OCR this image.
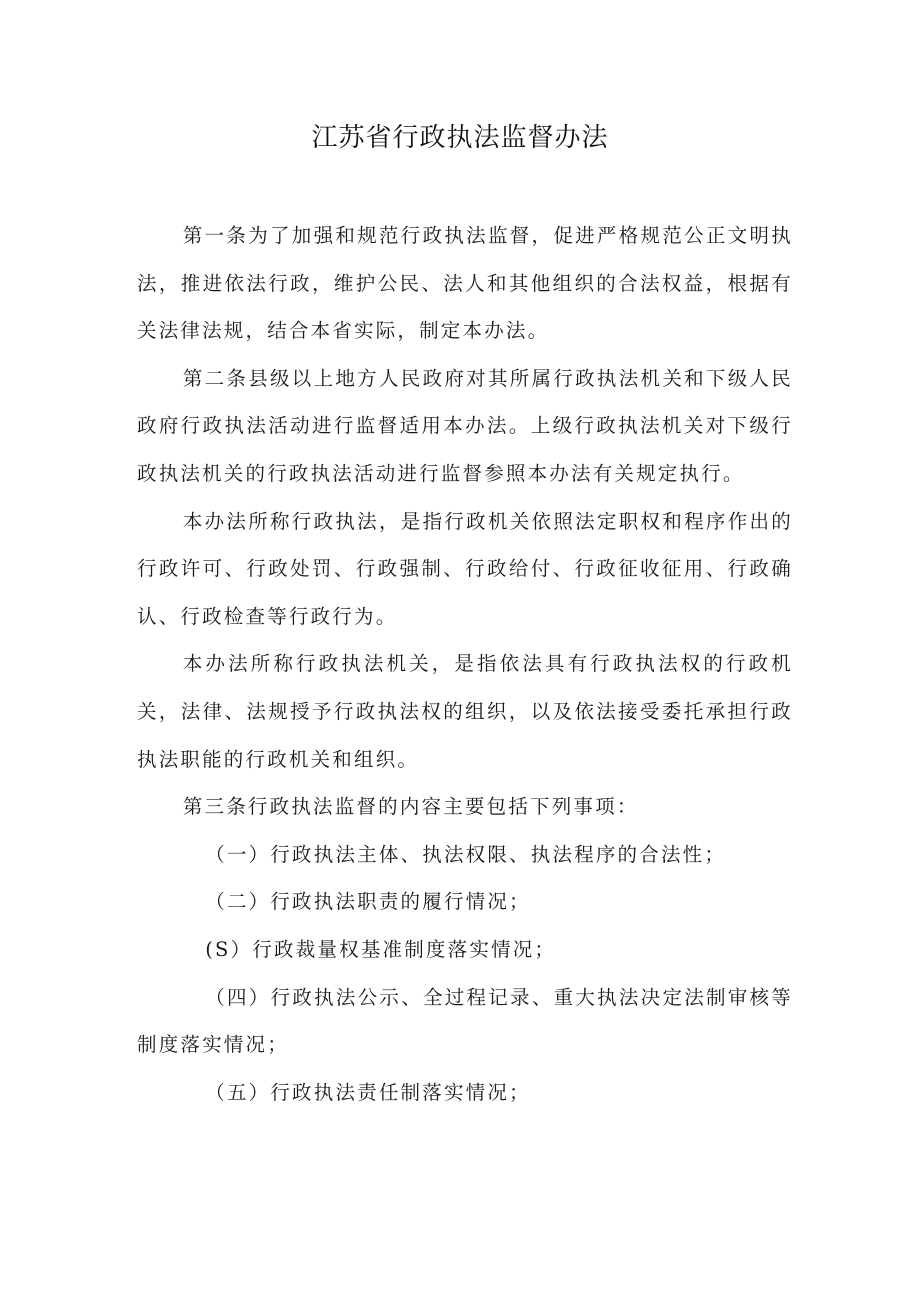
江苏省行政执法监督办法

第一条为了加强和规范行政执法监督，促进严格规范公正文明执法，推进依法行政，维护公民、法人和其他组织的合法权益，根据有关法律法规，结合本省实际，制定本办法。

第二条县级以上地方人民政府对其所属行政执法机关和下级人民政府行政执法活动进行监督适用本办法。上级行政执法机关对下级行政执法机关的行政执法活动进行监督参照本办法有关规定执行。

本办法所称行政执法，是指行政机关依照法定职权和程序作出的行政许可、行政处罚、行政强制、行政给付、行政征收征用、行政确认、行政检查等行政行为。

本办法所称行政执法机关，是指依法具有行政执法权的行政机关，法律、法规授予行政执法权的组织，以及依法接受委托承担行政执法职能的行政机关和组织。

第三条行政执法监督的内容主要包括下列事项：

（一）行政执法主体、执法权限、执法程序的合法性；

（二）行政执法职责的履行情况；

(S）行政裁量权基准制度落实情况；

（四）行政执法公示、全过程记录、重大执法决定法制审核等制度落实情况；

（五）行政执法责任制落实情况；
